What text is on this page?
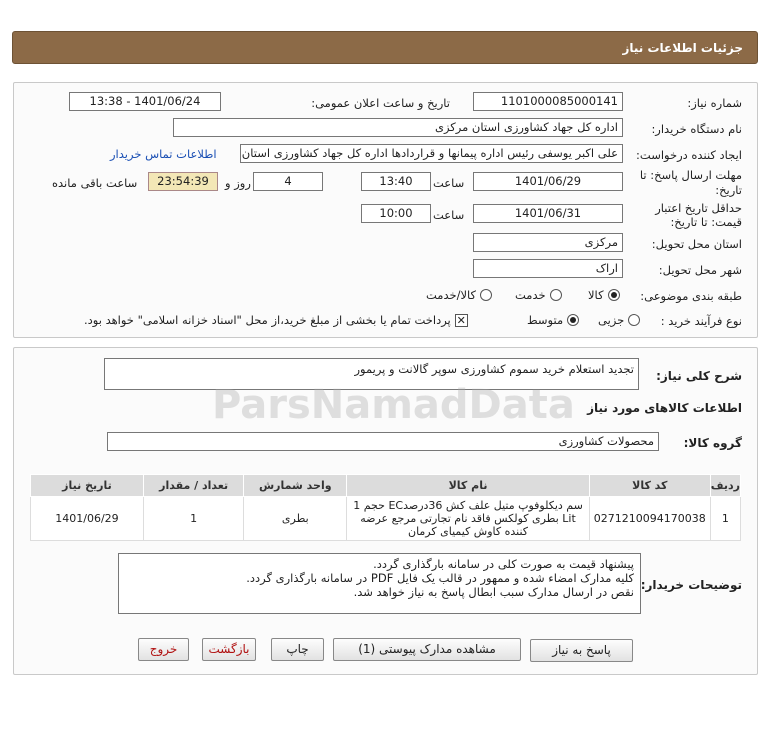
جزئیات اطلاعات نیاز
شماره نیاز:
1101000085000141
تاریخ و ساعت اعلان عمومی:
1401/06/24 - 13:38
نام دستگاه خریدار:
اداره کل جهاد کشاورزی استان مرکزی
ایجاد کننده درخواست:
علی اکبر یوسفی رئیس اداره پیمانها و قراردادها اداره کل جهاد کشاورزی استان
اطلاعات تماس خریدار
مهلت ارسال پاسخ: تا
تاریخ:
1401/06/29
ساعت
13:40
4
روز و
23:54:39
ساعت باقی مانده
حداقل تاریخ اعتبار
قیمت: تا تاریخ:
1401/06/31
ساعت
10:00
استان محل تحویل:
مرکزی
شهر محل تحویل:
اراک
طبقه بندی موضوعی:
کالا
خدمت
کالا/خدمت
نوع فرآیند خرید :
جزیی
متوسط
✕
پرداخت تمام یا بخشی از مبلغ خرید،از محل "اسناد خزانه اسلامی" خواهد بود.
شرح کلی نیاز:
تجدید استعلام خرید سموم کشاورزی سوپر گالانت و پریمور
اطلاعات کالاهای مورد نیاز
گروه کالا:
محصولات کشاورزی
ردیف	کد کالا	نام کالا	واحد شمارش	تعداد / مقدار	تاریخ نیاز
1	0271210094170038	سم دیکلوفوپ متیل علف کش 36درصدEC حجم 1 Lit بطری کولکس فاقد نام تجارتی مرجع عرضه کننده کاوش کیمیای کرمان	بطری	1	1401/06/29
توضیحات خریدار:
پیشنهاد قیمت به صورت کلی در سامانه بارگذاری گردد.
کلیه مدارک امضاء شده و ممهور در قالب یک فایل PDF در سامانه بارگذاری گردد.
نقص در ارسال مدارک سبب ابطال پاسخ به نیاز خواهد شد.
پاسخ به نیاز
مشاهده مدارک پیوستی (1)
چاپ
بازگشت
خروج
ParsNamadData
